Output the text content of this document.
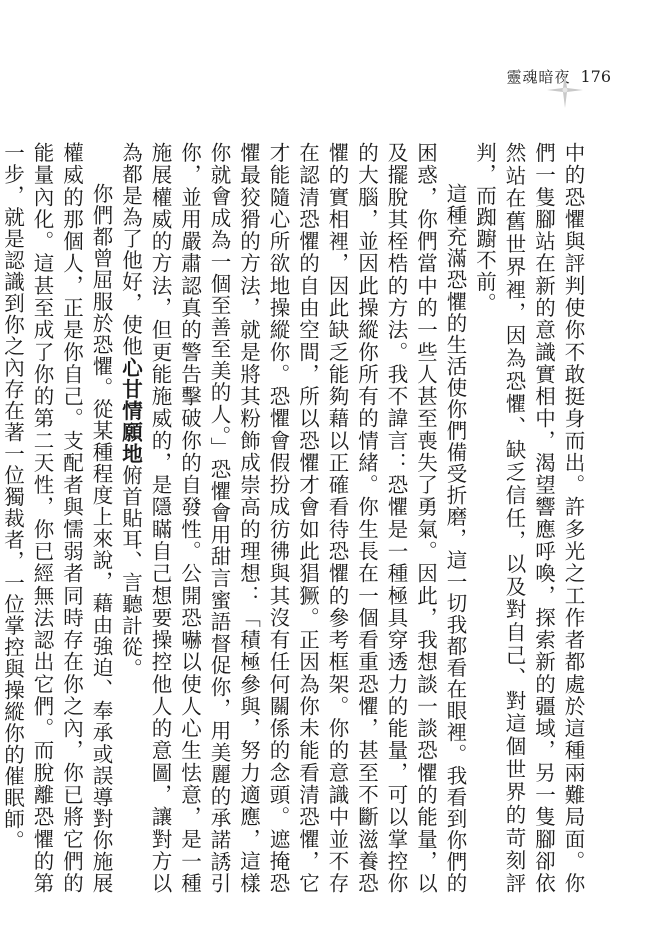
靈魂暗夜 176

中的恐懼與評判使你不敢挺身而出。許多光之工作者都處於這種兩難局面。你們一隻腳站在新的意識實相中，渴望響應呼喚，探索新的疆域，另一隻腳卻依然站在舊世界裡，因為恐懼、缺乏信任，以及對自己、對這個世界的苛刻評判，而踟躕不前。

這種充滿恐懼的生活使你們備受折磨，這一切我都看在眼裡。我看到你們的困惑，你們當中的一些人甚至喪失了勇氣。因此，我想談一談恐懼的能量，以及擺脫其桎梏的方法。我不諱言：恐懼是一種極具穿透力的能量，可以掌控你的大腦，並因此操縱你所有的情緒。你生長在一個看重恐懼，甚至不斷滋養恐懼的實相裡，因此缺乏能夠藉以正確看待恐懼的參考框架。你的意識中並不存在認清恐懼的自由空間，所以恐懼才會如此猖獗。正因為你未能看清恐懼，它才能隨心所欲地操縱你。恐懼會假扮成彷彿與其沒有任何關係的念頭。遮掩恐懼最狡猾的方法，就是將其粉飾成崇高的理想：「積極參與，努力適應，這樣你就會成為一個至善至美的人。」恐懼會用甜言蜜語督促你，用美麗的承諾誘引你，並用嚴肅認真的警告擊破你的自發性。公開恐嚇以使人心生怯意，是一種施展權威的方法，但更能施威的，是隱瞞自己想要操控他人的意圖，讓對方以為都是為了他好，使他心甘情願地俯首貼耳、言聽計從。

你們都曾屈服於恐懼。從某種程度上來說，藉由強迫、奉承或誤導對你施展權威的那個人，正是你自己。支配者與懦弱者同時存在你之內，你已將它們的能量內化。這甚至成了你的第二天性，你已經無法認出它們。而脫離恐懼的第一步，就是認識到你之內存在著一位獨裁者，一位掌控與操縱你的催眠師。
